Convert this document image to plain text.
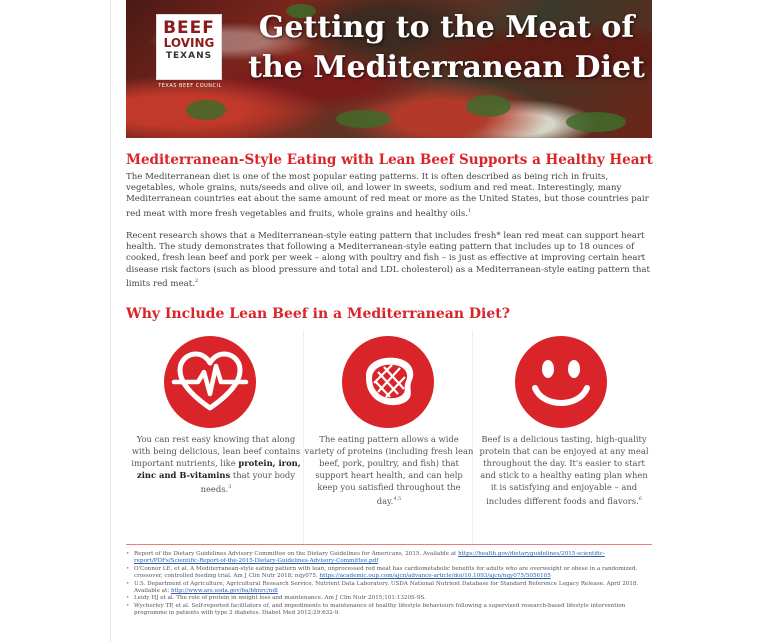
BEEF
LOVING
TEXANS
TEXAS BEEF COUNCIL
Getting to the Meat of the Mediterranean Diet
Mediterranean-Style Eating with Lean Beef Supports a Healthy Heart

The Mediterranean diet is one of the most popular eating patterns. It is often described as being rich in fruits, vegetables, whole grains, nuts/seeds and olive oil, and lower in sweets, sodium and red meat. Interestingly, many Mediterranean countries eat about the same amount of red meat or more as the United States, but those countries pair red meat with more fresh vegetables and fruits, whole grains and healthy oils.$^1$

Recent research shows that a Mediterranean-style eating pattern that includes fresh* lean red meat can support heart health. The study demonstrates that following a Mediterranean-style eating pattern that includes up to 18 ounces of cooked, fresh lean beef and pork per week – along with poultry and fish – is just as effective at improving certain heart disease risk factors (such as blood pressure and total and LDL cholesterol) as a Mediterranean-style eating pattern that limits red meat.$^2$

Why Include Lean Beef in a Mediterranean Diet?

You can rest easy knowing that along with being delicious, lean beef contains important nutrients, like protein, iron, zinc and B-vitamins that your body needs.$^3$

The eating pattern allows a wide variety of proteins (including fresh lean beef, pork, poultry, and fish) that support heart health, and can help keep you satisfied throughout the day.$^{4,5}$

Beef is a delicious tasting, high-quality protein that can be enjoyed at any meal throughout the day. It's easier to start and stick to a healthy eating plan when it is satisfying and enjoyable – and includes different foods and flavors.$^6$

• Report of the Dietary Guidelines Advisory Committee on the Dietary Guidelines for Americans, 2015. Available at https://health.gov/dietaryguidelines/2015-scientific-report/PDFs/Scientific-Report-of-the-2015-Dietary-Guidelines-Advisory-Committee.pdf
• O'Connor LE, et al. A Mediterranean-style eating pattern with lean, unprocessed red meat has cardiometabolic benefits for adults who are overweight or obese in a randomized, crossover, controlled feeding trial. Am J Clin Nutr 2018; nqy075. https://academic.oup.com/ajcn/advance-article/doi/10.1093/ajcn/nqy075/5056105
• U.S. Department of Agriculture, Agricultural Research Service. Nutrient Data Laboratory. USDA National Nutrient Database for Standard Reference Legacy Release. April 2018. Available at: http://www.ars.usda.gov/ba/bhnrc/ndl
• Leidy HJ et al. The role of protein in weight loss and maintenance. Am J Clin Nutr 2015;101:1320S-9S.
• Wycherley TP, et al. Self-reported facilitators of, and impediments to maintenance of healthy lifestyle behaviours following a supervised research-based lifestyle intervention programme in patients with type 2 diabetes. Diabet Med 2012;29:632-9.
